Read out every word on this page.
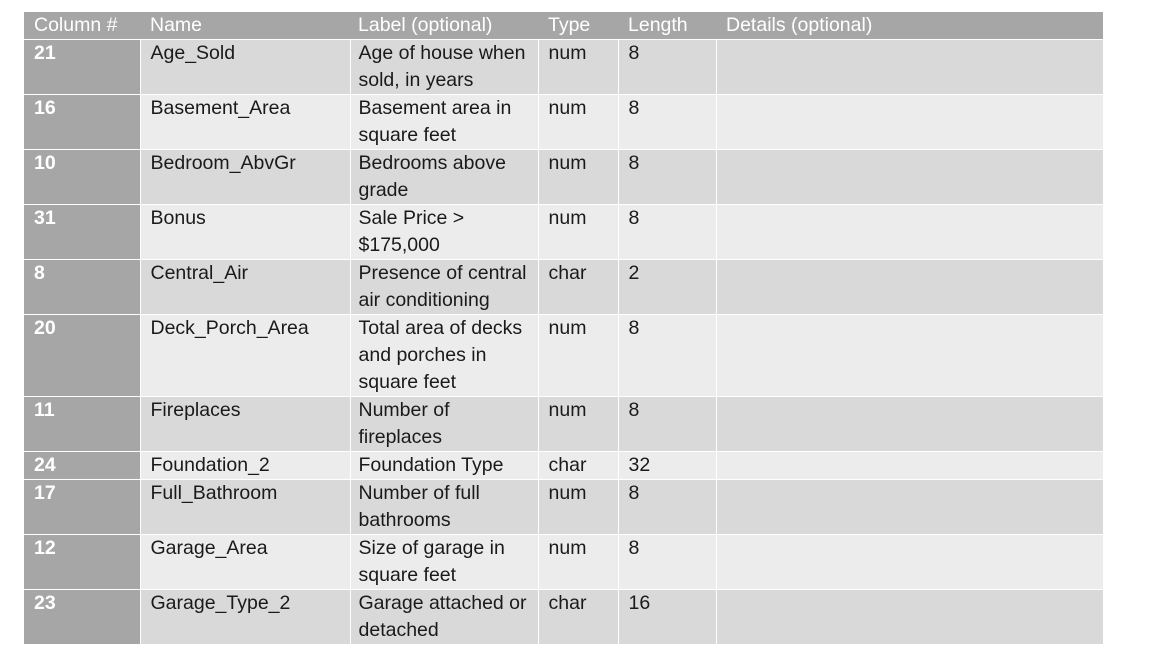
Column #	Name	Label (optional)	Type	Length	Details (optional)
21	Age_Sold	Age of house when sold, in years	num	8	
16	Basement_Area	Basement area in square feet	num	8	
10	Bedroom_AbvGr	Bedrooms above grade	num	8	
31	Bonus	Sale Price > $175,000	num	8	
8	Central_Air	Presence of central air conditioning	char	2	
20	Deck_Porch_Area	Total area of decks and porches in square feet	num	8	
11	Fireplaces	Number of fireplaces	num	8	
24	Foundation_2	Foundation Type	char	32	
17	Full_Bathroom	Number of full bathrooms	num	8	
12	Garage_Area	Size of garage in square feet	num	8	
23	Garage_Type_2	Garage attached or detached	char	16	
